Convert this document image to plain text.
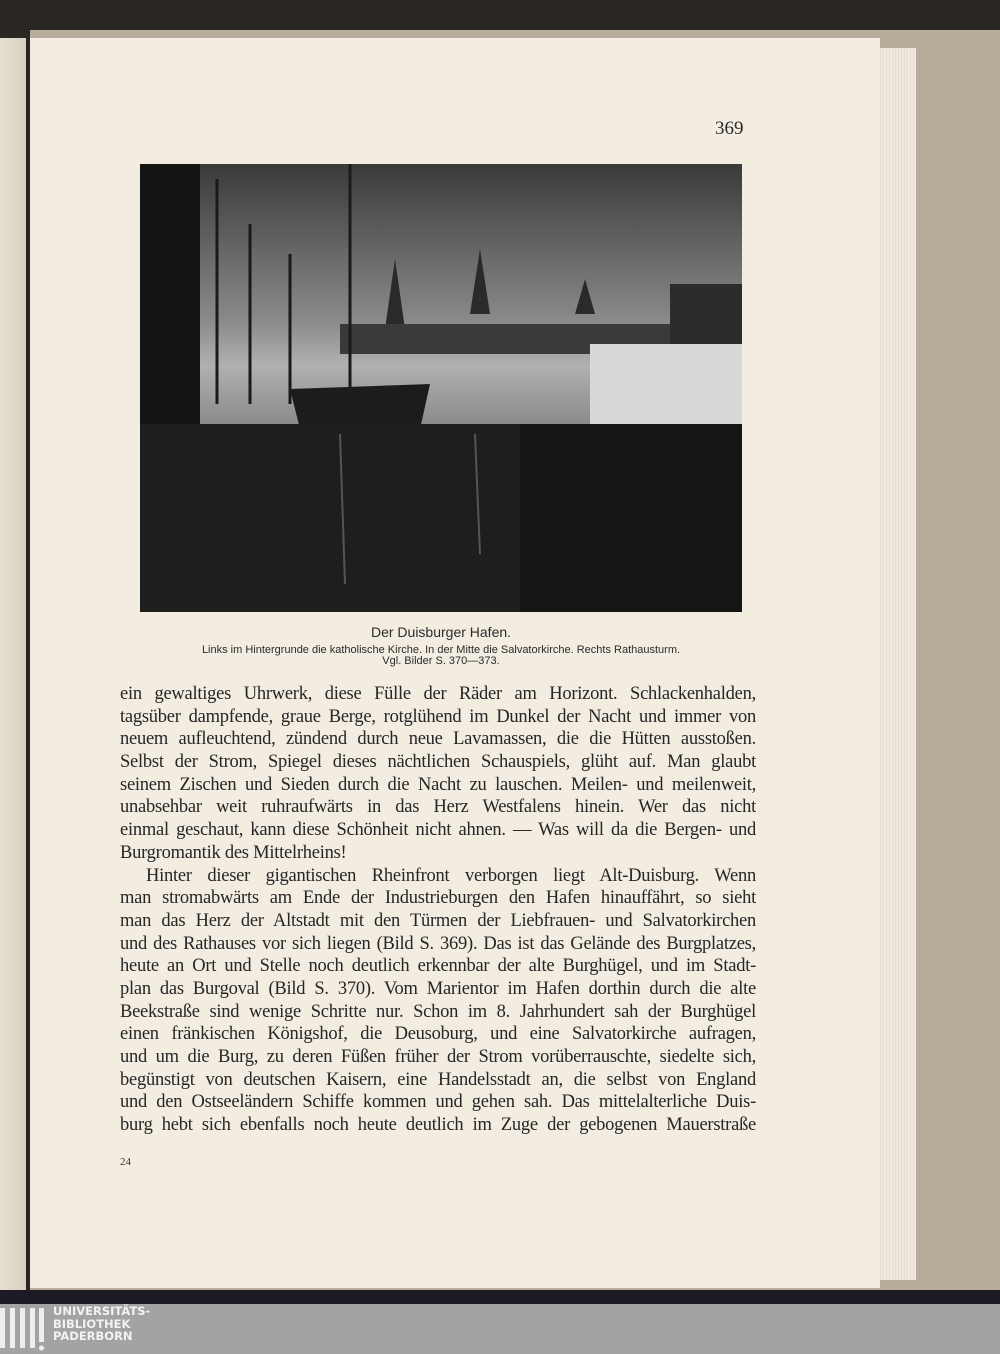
369
Der Duisburger Hafen.
Links im Hintergrunde die katholische Kirche. In der Mitte die Salvatorkirche. Rechts Rathausturm.
Vgl. Bilder S. 370—373.
ein gewaltiges Uhrwerk, diese Fülle der Räder am Horizont. Schlackenhalden,
tagsüber dampfende, graue Berge, rotglühend im Dunkel der Nacht und immer von
neuem aufleuchtend, zündend durch neue Lavamassen, die die Hütten ausstoßen.
Selbst der Strom, Spiegel dieses nächtlichen Schauspiels, glüht auf. Man glaubt
seinem Zischen und Sieden durch die Nacht zu lauschen. Meilen- und meilenweit,
unabsehbar weit ruhraufwärts in das Herz Westfalens hinein. Wer das nicht
einmal geschaut, kann diese Schönheit nicht ahnen. — Was will da die Bergen- und
Burgromantik des Mittelrheins!
Hinter dieser gigantischen Rheinfront verborgen liegt Alt-Duisburg. Wenn
man stromabwärts am Ende der Industrieburgen den Hafen hinauffährt, so sieht
man das Herz der Altstadt mit den Türmen der Liebfrauen- und Salvatorkirchen
und des Rathauses vor sich liegen (Bild S. 369). Das ist das Gelände des Burgplatzes,
heute an Ort und Stelle noch deutlich erkennbar der alte Burghügel, und im Stadt-
plan das Burgoval (Bild S. 370). Vom Marientor im Hafen dorthin durch die alte
Beekstraße sind wenige Schritte nur. Schon im 8. Jahrhundert sah der Burghügel
einen fränkischen Königshof, die Deusoburg, und eine Salvatorkirche aufragen,
und um die Burg, zu deren Füßen früher der Strom vorüberrauschte, siedelte sich,
begünstigt von deutschen Kaisern, eine Handelsstadt an, die selbst von England
und den Ostseeländern Schiffe kommen und gehen sah. Das mittelalterliche Duis-
burg hebt sich ebenfalls noch heute deutlich im Zuge der gebogenen Mauerstraße
24
UNIVERSITÄTS-
BIBLIOTHEK
PADERBORN
